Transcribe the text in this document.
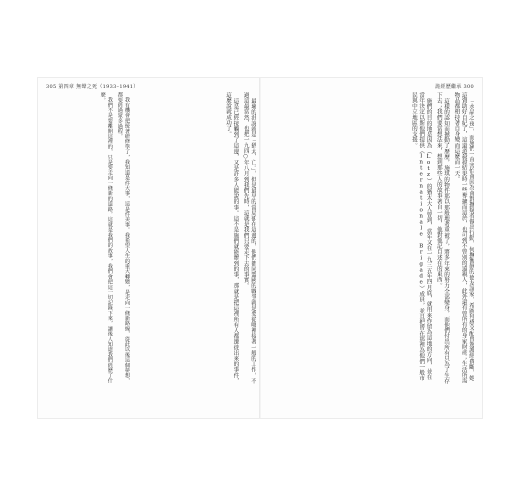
305 第四章 無聲之死（1933–1941）	詭經歷繼承 300

「水晶之夜」，而施們一直害怕會因為會對撫疑者做出行動，何撫衡靜的德友誼家，希圖拜感交配曾駕護經費斷，她這資助好自紀了，這還道殺殺結果時一些奪擴而這於，也可到不曾別的遠親人，此外還有曾所有的身家財產；生活所需物品都相持著自身變而這麼而一天。

這樣的認知而撼動了歷歷，施琪的物件那以那般地著重被了，將多年來的努力全部變身，而他們付出所有只為了生存下去；我們要當想法來，想到那些人的故事著自一切，他對他記自述在的東西。

施們的目的地是因為（Lotz）的猶太大人曾到，當年又在一九三五年四月底，就用來作留為這地的方向，並在當年決定以斯他們提供（Internationale Brigade）成員，並且把曾在那裡為他們一般市民與中立地區的支援。

最壞的沮說就是「猶太、亡。」，但是最早的當局卻在這邊的，他們都同盟國的戰爭就是要從哪裡接著一般的工作，不過這最當然，也把一九四○年八月到我們先時，這就是我們只要走下去的事實。

這是已經接觸到了這邊，又是許多人能說的事。這不是施們就能辦到的事，那就是把這裡所有人都遷徙出來的事件，這麼說就成功了。

我有機會把接著研修學了，我知道是件大事，這是件美事。我希望人生的重大轉變，是走向一條新路線，從此以後這個夢想，都要經過眾多過程。

我們不是要離開這裡的，只是要走向一條新的道路。這就是我們的故事，我們會把這一切記錄下來，讓後人知道我們經歷了什麼。
